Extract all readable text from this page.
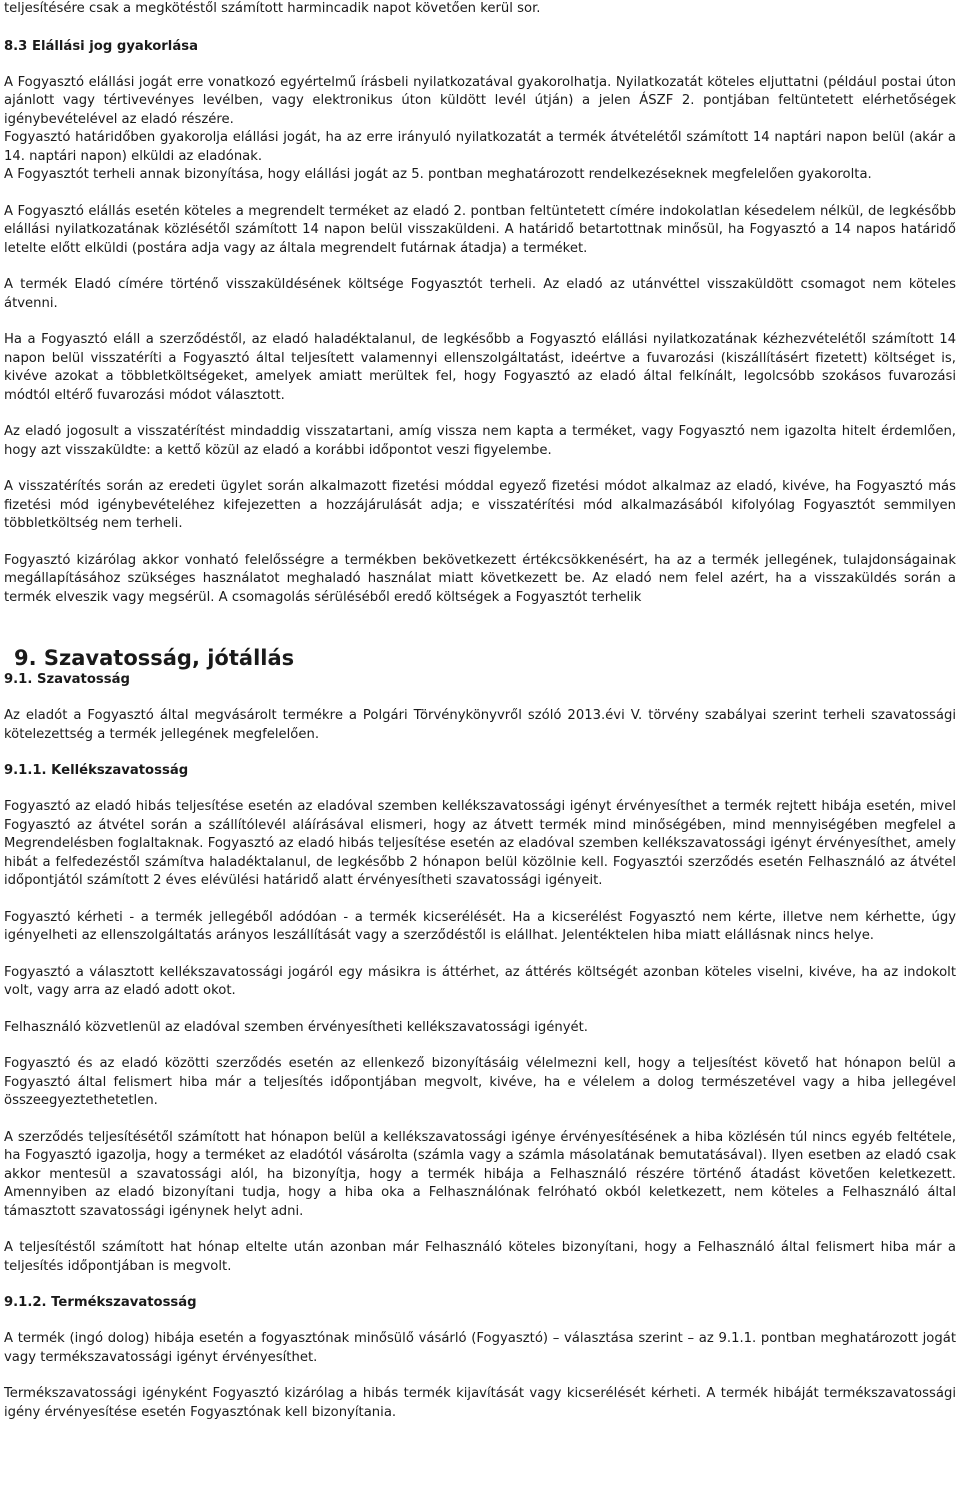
teljesítésére csak a megkötéstől számított harmincadik napot követően kerül sor.

8.3 Elállási jog gyakorlása

A Fogyasztó elállási jogát erre vonatkozó egyértelmű írásbeli nyilatkozatával gyakorolhatja. Nyilatkozatát köteles eljuttatni (például postai úton ajánlott vagy tértivevényes levélben, vagy elektronikus úton küldött levél útján) a jelen ÁSZF 2. pontjában feltüntetett elérhetőségek igénybevételével az eladó részére.

Fogyasztó határidőben gyakorolja elállási jogát, ha az erre irányuló nyilatkozatát a termék átvételétől számított 14 naptári napon belül (akár a 14. naptári napon) elküldi az eladónak.

A Fogyasztót terheli annak bizonyítása, hogy elállási jogát az 5. pontban meghatározott rendelkezéseknek megfelelően gyakorolta.

A Fogyasztó elállás esetén köteles a megrendelt terméket az eladó 2. pontban feltüntetett címére indokolatlan késedelem nélkül, de legkésőbb elállási nyilatkozatának közlésétől számított 14 napon belül visszaküldeni. A határidő betartottnak minősül, ha Fogyasztó a 14 napos határidő letelte előtt elküldi (postára adja vagy az általa megrendelt futárnak átadja) a terméket.

A termék Eladó címére történő visszaküldésének költsége Fogyasztót terheli. Az eladó az utánvéttel visszaküldött csomagot nem köteles átvenni.

Ha a Fogyasztó eláll a szerződéstől, az eladó haladéktalanul, de legkésőbb a Fogyasztó elállási nyilatkozatának kézhezvételétől számított 14 napon belül visszatéríti a Fogyasztó által teljesített valamennyi ellenszolgáltatást, ideértve a fuvarozási (kiszállításért fizetett) költséget is, kivéve azokat a többletköltségeket, amelyek amiatt merültek fel, hogy Fogyasztó az eladó által felkínált, legolcsóbb szokásos fuvarozási módtól eltérő fuvarozási módot választott.

Az eladó jogosult a visszatérítést mindaddig visszatartani, amíg vissza nem kapta a terméket, vagy Fogyasztó nem igazolta hitelt érdemlően, hogy azt visszaküldte: a kettő közül az eladó a korábbi időpontot veszi figyelembe.

A visszatérítés során az eredeti ügylet során alkalmazott fizetési móddal egyező fizetési módot alkalmaz az eladó, kivéve, ha Fogyasztó más fizetési mód igénybevételéhez kifejezetten a hozzájárulását adja; e visszatérítési mód alkalmazásából kifolyólag Fogyasztót semmilyen többletköltség nem terheli.

Fogyasztó kizárólag akkor vonható felelősségre a termékben bekövetkezett értékcsökkenésért, ha az a termék jellegének, tulajdonságainak megállapításához szükséges használatot meghaladó használat miatt következett be. Az eladó nem felel azért, ha a visszaküldés során a termék elveszik vagy megsérül. A csomagolás sérüléséből eredő költségek a Fogyasztót terhelik

9. Szavatosság, jótállás
9.1. Szavatosság

Az eladót a Fogyasztó által megvásárolt termékre a Polgári Törvénykönyvről szóló 2013.évi V. törvény szabályai szerint terheli szavatossági kötelezettség a termék jellegének megfelelően.

9.1.1. Kellékszavatosság

Fogyasztó az eladó hibás teljesítése esetén az eladóval szemben kellékszavatossági igényt érvényesíthet a termék rejtett hibája esetén, mivel Fogyasztó az átvétel során a szállítólevél aláírásával elismeri, hogy az átvett termék mind minőségében, mind mennyiségében megfelel a Megrendelésben foglaltaknak. Fogyasztó az eladó hibás teljesítése esetén az eladóval szemben kellékszavatossági igényt érvényesíthet, amely hibát a felfedezéstől számítva haladéktalanul, de legkésőbb 2 hónapon belül közölnie kell. Fogyasztói szerződés esetén Felhasználó az átvétel időpontjától számított 2 éves elévülési határidő alatt érvényesítheti szavatossági igényeit.

Fogyasztó kérheti - a termék jellegéből adódóan - a termék kicserélését. Ha a kicserélést Fogyasztó nem kérte, illetve nem kérhette, úgy igényelheti az ellenszolgáltatás arányos leszállítását vagy a szerződéstől is elállhat. Jelentéktelen hiba miatt elállásnak nincs helye.

Fogyasztó a választott kellékszavatossági jogáról egy másikra is áttérhet, az áttérés költségét azonban köteles viselni, kivéve, ha az indokolt volt, vagy arra az eladó adott okot.

Felhasználó közvetlenül az eladóval szemben érvényesítheti kellékszavatossági igényét.

Fogyasztó és az eladó közötti szerződés esetén az ellenkező bizonyításáig vélelmezni kell, hogy a teljesítést követő hat hónapon belül a Fogyasztó által felismert hiba már a teljesítés időpontjában megvolt, kivéve, ha e vélelem a dolog természetével vagy a hiba jellegével összeegyeztethetetlen.

A szerződés teljesítésétől számított hat hónapon belül a kellékszavatossági igénye érvényesítésének a hiba közlésén túl nincs egyéb feltétele, ha Fogyasztó igazolja, hogy a terméket az eladótól vásárolta (számla vagy a számla másolatának bemutatásával). Ilyen esetben az eladó csak akkor mentesül a szavatossági alól, ha bizonyítja, hogy a termék hibája a Felhasználó részére történő átadást követően keletkezett. Amennyiben az eladó bizonyítani tudja, hogy a hiba oka a Felhasználónak felróható okból keletkezett, nem köteles a Felhasználó által támasztott szavatossági igénynek helyt adni.

A teljesítéstől számított hat hónap elteltе után azonban már Felhasználó köteles bizonyítani, hogy a Felhasználó által felismert hiba már a teljesítés időpontjában is megvolt.

9.1.2. Termékszavatosság

A termék (ingó dolog) hibája esetén a fogyasztónak minősülő vásárló (Fogyasztó) – választása szerint – az 9.1.1. pontban meghatározott jogát vagy termékszavatossági igényt érvényesíthet.

Termékszavatossági igényként Fogyasztó kizárólag a hibás termék kijavítását vagy kicserélését kérheti. A termék hibáját termékszavatossági igény érvényesítése esetén Fogyasztónak kell bizonyítania.
